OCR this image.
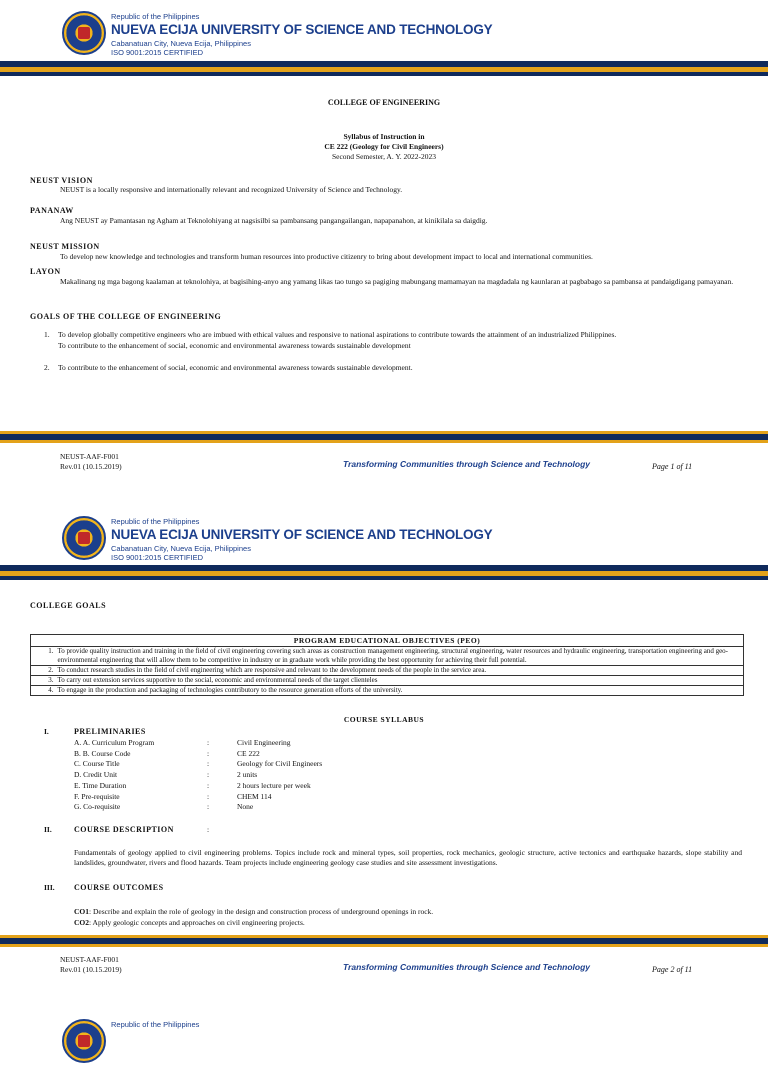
Republic of the Philippines
NUEVA ECIJA UNIVERSITY OF SCIENCE AND TECHNOLOGY
Cabanatuan City, Nueva Ecija, Philippines
ISO 9001:2015 CERTIFIED
COLLEGE OF ENGINEERING
Syllabus of Instruction in
CE 222 (Geology for Civil Engineers)
Second Semester, A. Y. 2022-2023
NEUST VISION
NEUST is a locally responsive and internationally relevant and recognized University of Science and Technology.
PANANAW
Ang NEUST ay Pamantasan ng Agham at Teknolohiyang at nagsisilbi sa pambansang pangangailangan, napapanahon, at kinikilala sa daigdig.
NEUST MISSION
To develop new knowledge and technologies and transform human resources into productive citizenry to bring about development impact to local and international communities.
LAYON
Makalinang ng mga bagong kaalaman at teknolohiya, at bagisihing-anyo ang yamang likas tao tungo sa pagiging mabungang mamamayan na magdadala ng kaunlaran at pagbabago sa pambansa at pandaigdigang pamayanan.
GOALS OF THE COLLEGE OF ENGINEERING
1. To develop globally competitive engineers who are imbued with ethical values and responsive to national aspirations to contribute towards the attainment of an industrialized Philippines.
To contribute to the enhancement of social, economic and environmental awareness towards sustainable development
2. To contribute to the enhancement of social, economic and environmental awareness towards sustainable development.
NEUST-AAF-F001
Rev.01 (10.15.2019)	Transforming Communities through Science and Technology	Page 1 of 11
Republic of the Philippines
NUEVA ECIJA UNIVERSITY OF SCIENCE AND TECHNOLOGY
Cabanatuan City, Nueva Ecija, Philippines
ISO 9001:2015 CERTIFIED
COLLEGE GOALS
PROGRAM EDUCATIONAL OBJECTIVES (PEO)	
1.	To provide quality instruction and training in the field of civil engineering covering such areas as construction management engineering, structural engineering, water resources and hydraulic engineering, transportation engineering and geo-environmental engineering that will allow them to be competitive in industry or in graduate work while providing the best opportunity for achieving their full potential.
2.	To conduct research studies in the field of civil engineering which are responsive and relevant to the development needs of the people in the service area.
3.	To carry out extension services supportive to the social, economic and environmental needs of the target clienteles
4.	To engage in the production and packaging of technologies contributory to the resource generation efforts of the university.
COURSE SYLLABUS
I.	PRELIMINARIES
A. A. Curriculum Program	:	Civil Engineering
B. B. Course Code	:	CE 222
C. Course Title	:	Geology for Civil Engineers
D. Credit Unit	:	2 units
E. Time Duration	:	2 hours lecture per week
F. Pre-requisite	:	CHEM 114
G. Co-requisite	:	None
II.	COURSE DESCRIPTION	:
Fundamentals of geology applied to civil engineering problems. Topics include rock and mineral types, soil properties, rock mechanics, geologic structure, active tectonics and earthquake hazards, slope stability and landslides, groundwater, rivers and flood hazards. Team projects include engineering geology case studies and site assessment investigations.
III. COURSE OUTCOMES
CO1: Describe and explain the role of geology in the design and construction process of underground openings in rock.
CO2: Apply geologic concepts and approaches on civil engineering projects.
NEUST-AAF-F001
Rev.01 (10.15.2019)	Transforming Communities through Science and Technology	Page 2 of 11
Republic of the Philippines
